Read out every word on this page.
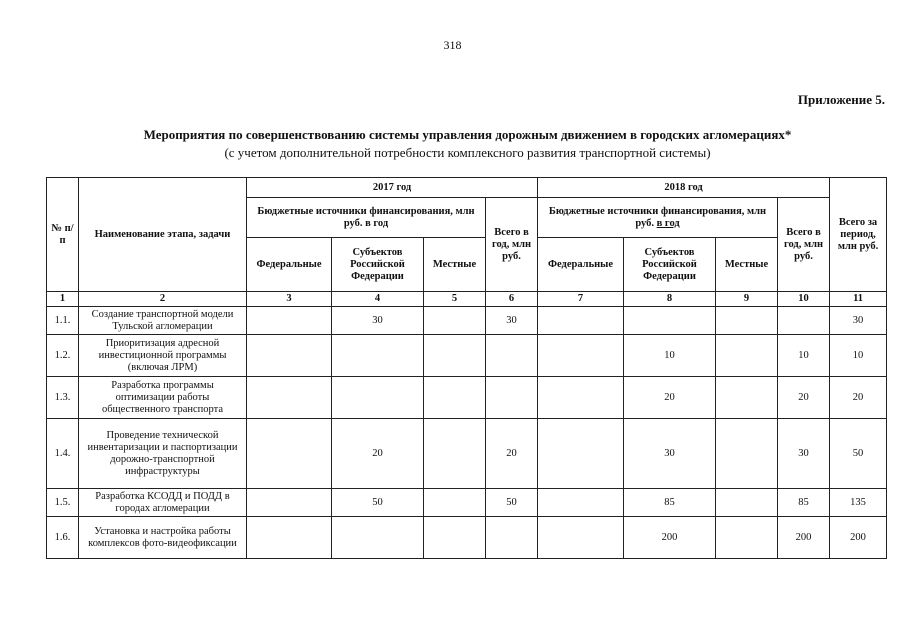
318
Приложение 5.
Мероприятия по совершенствованию системы управления дорожным движением в городских агломерациях*
(с учетом дополнительной потребности комплексного развития транспортной системы)
№ п/п	Наименование этапа, задачи	2017 год				2018 год				Всего за период, млн руб.
		Бюджетные источники финансирования, млн руб. в год			Всего в год, млн руб.	Бюджетные источники финансирования, млн руб. в год			Всего в год, млн руб.	
		Федеральные	Субъектов Российской Федерации	Местные		Федеральные	Субъектов Российской Федерации	Местные		
1	2	3	4	5	6	7	8	9	10	11
1.1.	Создание транспортной модели Тульской агломерации		30		30					30
1.2.	Приоритизация адресной инвестиционной программы (включая ЛРМ)						10		10	10
1.3.	Разработка программы оптимизации работы общественного транспорта						20		20	20
1.4.	Проведение технической инвентаризации и паспортизации дорожно-транспортной инфраструктуры		20		20		30		30	50
1.5.	Разработка КСОДД и ПОДД в городах агломерации		50		50		85		85	135
1.6.	Установка и настройка работы комплексов фото-видеофиксации						200		200	200
